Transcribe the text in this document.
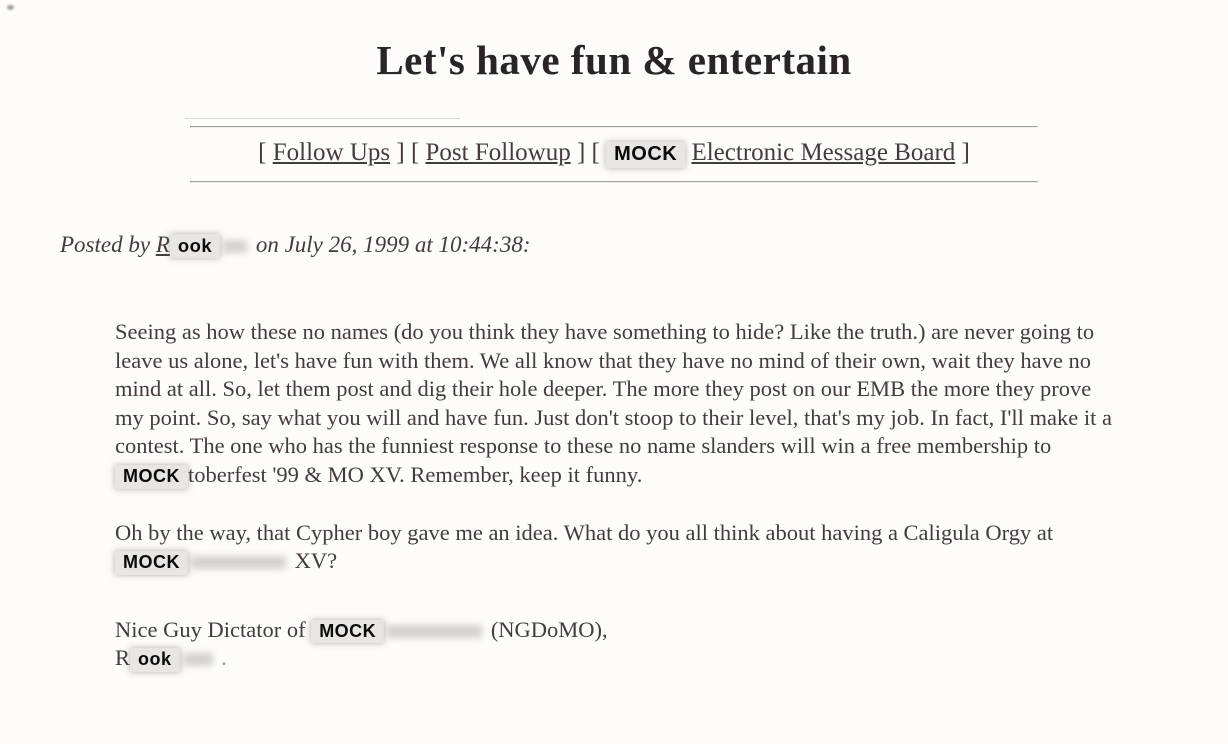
Let's have fun & entertain
[ Follow Ups ] [ Post Followup ] [ MOCK Electronic Message Board ]
Posted by R ook on July 26, 1999 at 10:44:38:

Seeing as how these no names (do you think they have something to hide? Like the truth.) are never going to leave us alone, let's have fun with them. We all know that they have no mind of their own, wait they have no mind at all. So, let them post and dig their hole deeper. The more they post on our EMB the more they prove my point. So, say what you will and have fun. Just don't stoop to their level, that's my job. In fact, I'll make it a contest. The one who has the funniest response to these no name slanders will win a free membership to MOCK toberfest '99 & MO XV. Remember, keep it funny.

Oh by the way, that Cypher boy gave me an idea. What do you all think about having a Caligula Orgy at MOCK	XV?

Nice Guy Dictator of MOCK	(NGDoMO),
R ook .
